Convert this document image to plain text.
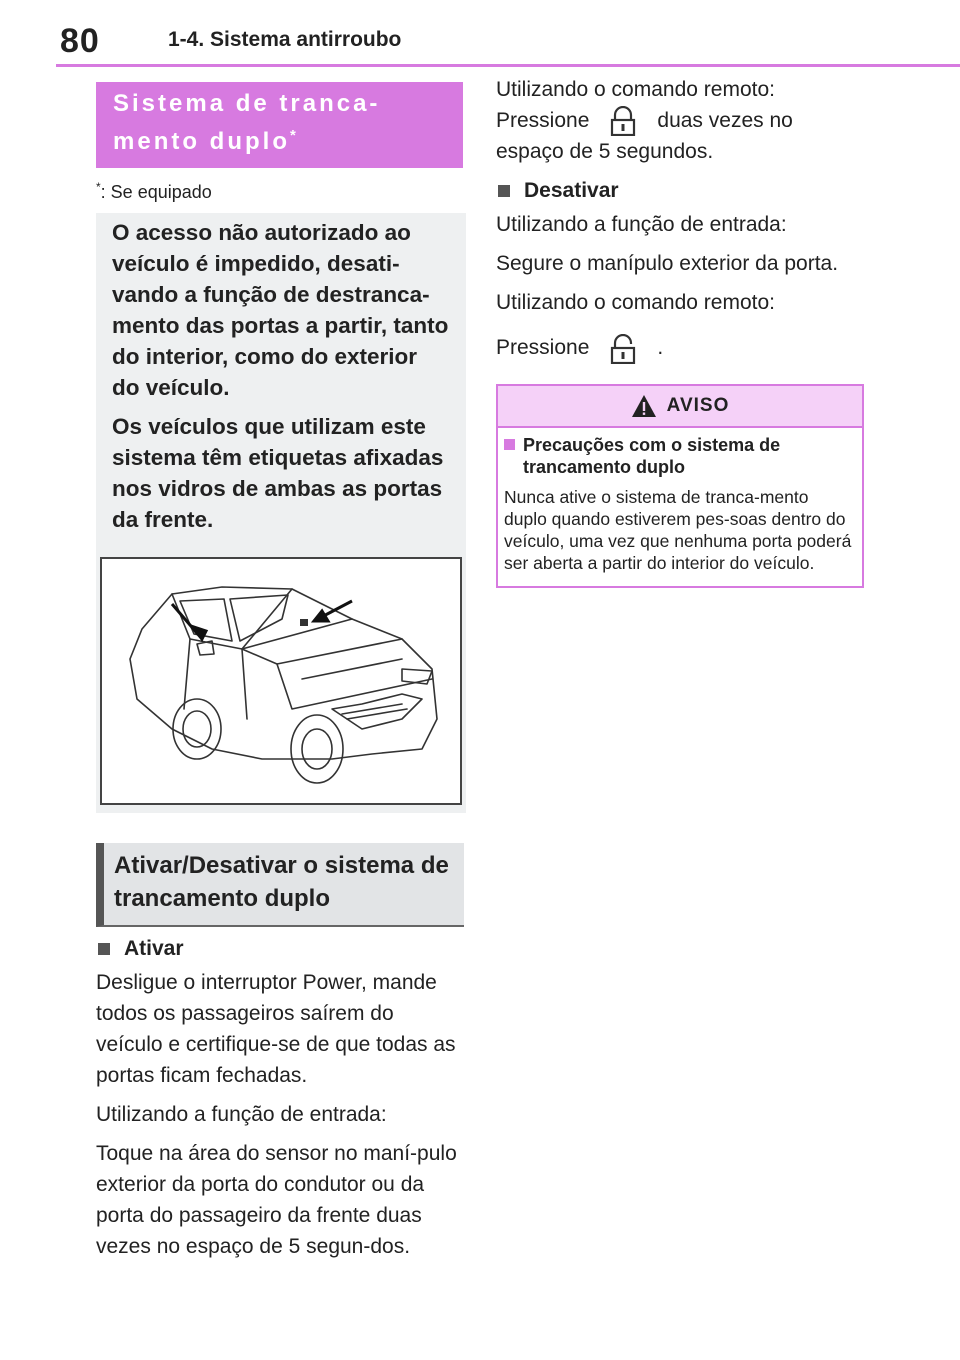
80	1-4. Sistema antirroubo
Sistema de tranca-
mento duplo*
*: Se equipado

O acesso não autorizado ao veículo é impedido, desati-vando a função de destranca-mento das portas a partir, tanto do interior, como do exterior do veículo.

Os veículos que utilizam este sistema têm etiquetas afixadas nos vidros de ambas as portas da frente.

Ativar/Desativar o sistema de trancamento duplo
Ativar

Desligue o interruptor Power, mande todos os passageiros saírem do veículo e certifique-se de que todas as portas ficam fechadas.

Utilizando a função de entrada:

Toque na área do sensor no maní-pulo exterior da porta do condutor ou da porta do passageiro da frente duas vezes no espaço de 5 segun-dos.

Utilizando o comando remoto:

Pressione	duas vezes no espaço de 5 segundos.

Desativar

Utilizando a função de entrada:

Segure o manípulo exterior da porta.

Utilizando o comando remoto:

Pressione	.

AVISO
Precauções com o sistema de trancamento duplo
Nunca ative o sistema de tranca-mento duplo quando estiverem pes-soas dentro do veículo, uma vez que nenhuma porta poderá ser aberta a partir do interior do veículo.
